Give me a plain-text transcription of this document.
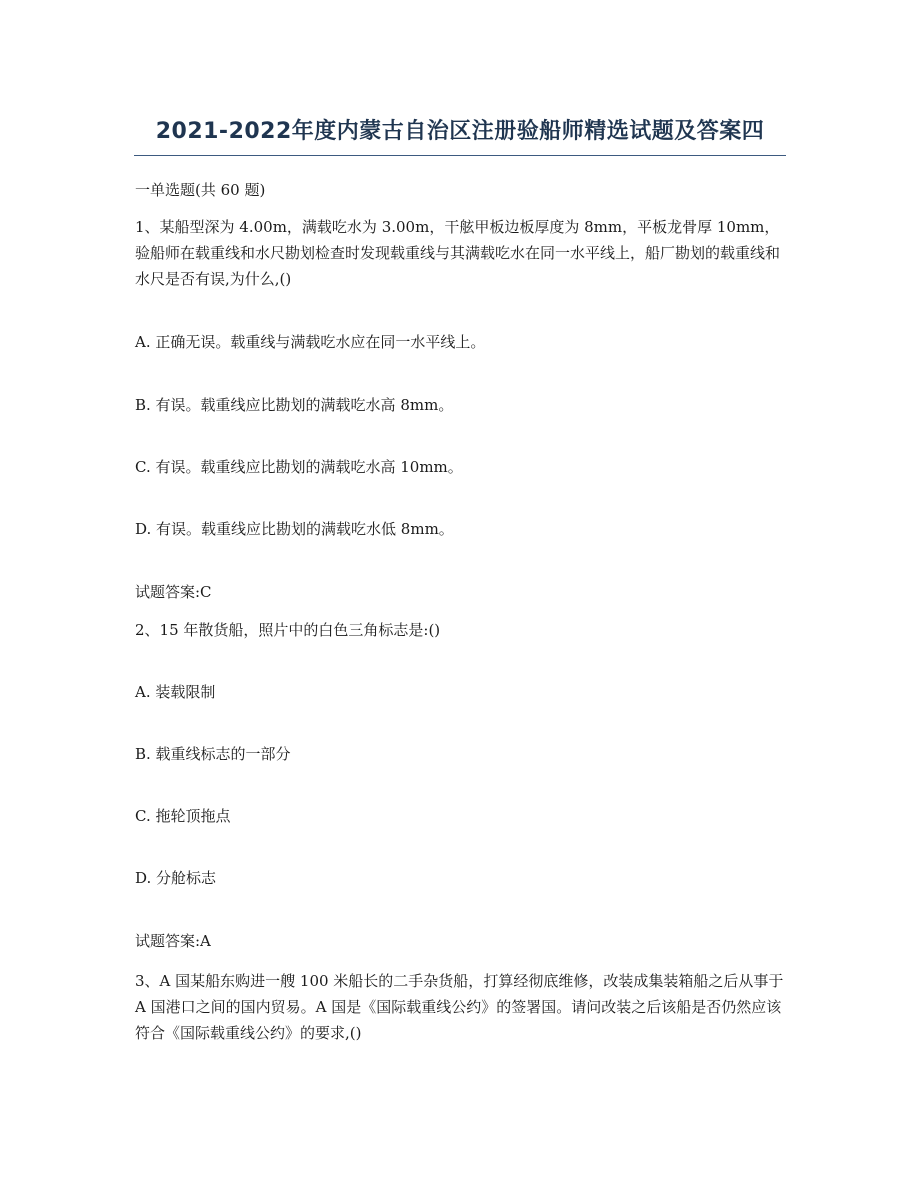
2021-2022年度内蒙古自治区注册验船师精选试题及答案四
一单选题(共 60 题)
1、某船型深为 4.00m，满载吃水为 3.00m，干舷甲板边板厚度为 8mm，平板龙骨厚 10mm，验船师在载重线和水尺勘划检查时发现载重线与其满载吃水在同一水平线上，船厂勘划的载重线和水尺是否有误,为什么,()
A. 正确无误。载重线与满载吃水应在同一水平线上。
B. 有误。载重线应比勘划的满载吃水高 8mm。
C. 有误。载重线应比勘划的满载吃水高 10mm。
D. 有误。载重线应比勘划的满载吃水低 8mm。
试题答案:C
2、15 年散货船，照片中的白色三角标志是:()
A. 装载限制
B. 载重线标志的一部分
C. 拖轮顶拖点
D. 分舱标志
试题答案:A
3、A 国某船东购进一艘 100 米船长的二手杂货船，打算经彻底维修，改装成集装箱船之后从事于 A 国港口之间的国内贸易。A 国是《国际载重线公约》的签署国。请问改装之后该船是否仍然应该符合《国际载重线公约》的要求,()
